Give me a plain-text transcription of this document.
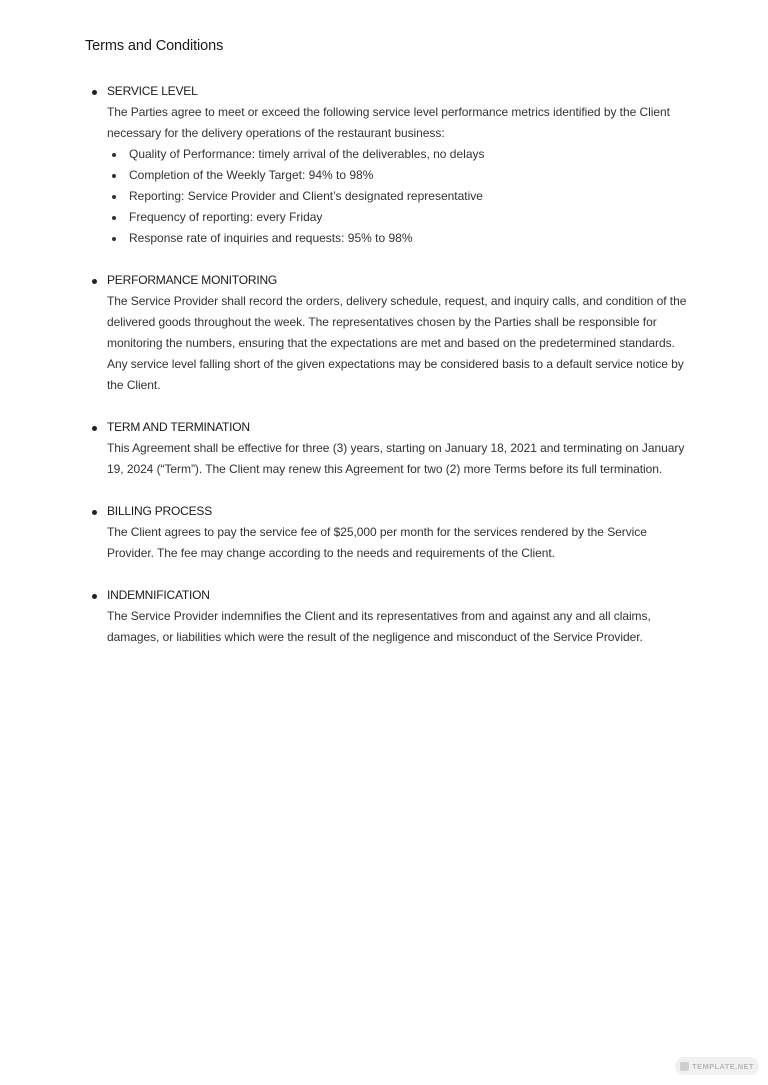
Terms and Conditions
SERVICE LEVEL
The Parties agree to meet or exceed the following service level performance metrics identified by the Client necessary for the delivery operations of the restaurant business:
Quality of Performance: timely arrival of the deliverables, no delays
Completion of the Weekly Target: 94% to 98%
Reporting: Service Provider and Client’s designated representative
Frequency of reporting: every Friday
Response rate of inquiries and requests: 95% to 98%
PERFORMANCE MONITORING
The Service Provider shall record the orders, delivery schedule, request, and inquiry calls, and condition of the delivered goods throughout the week. The representatives chosen by the Parties shall be responsible for monitoring the numbers, ensuring that the expectations are met and based on the predetermined standards. Any service level falling short of the given expectations may be considered basis to a default service notice by the Client.
TERM AND TERMINATION
This Agreement shall be effective for three (3) years, starting on January 18, 2021 and terminating on January 19, 2024 (“Term”). The Client may renew this Agreement for two (2) more Terms before its full termination.
BILLING PROCESS
The Client agrees to pay the service fee of $25,000 per month for the services rendered by the Service Provider. The fee may change according to the needs and requirements of the Client.
INDEMNIFICATION
The Service Provider indemnifies the Client and its representatives from and against any and all claims, damages, or liabilities which were the result of the negligence and misconduct of the Service Provider.
TEMPLATE.NET
